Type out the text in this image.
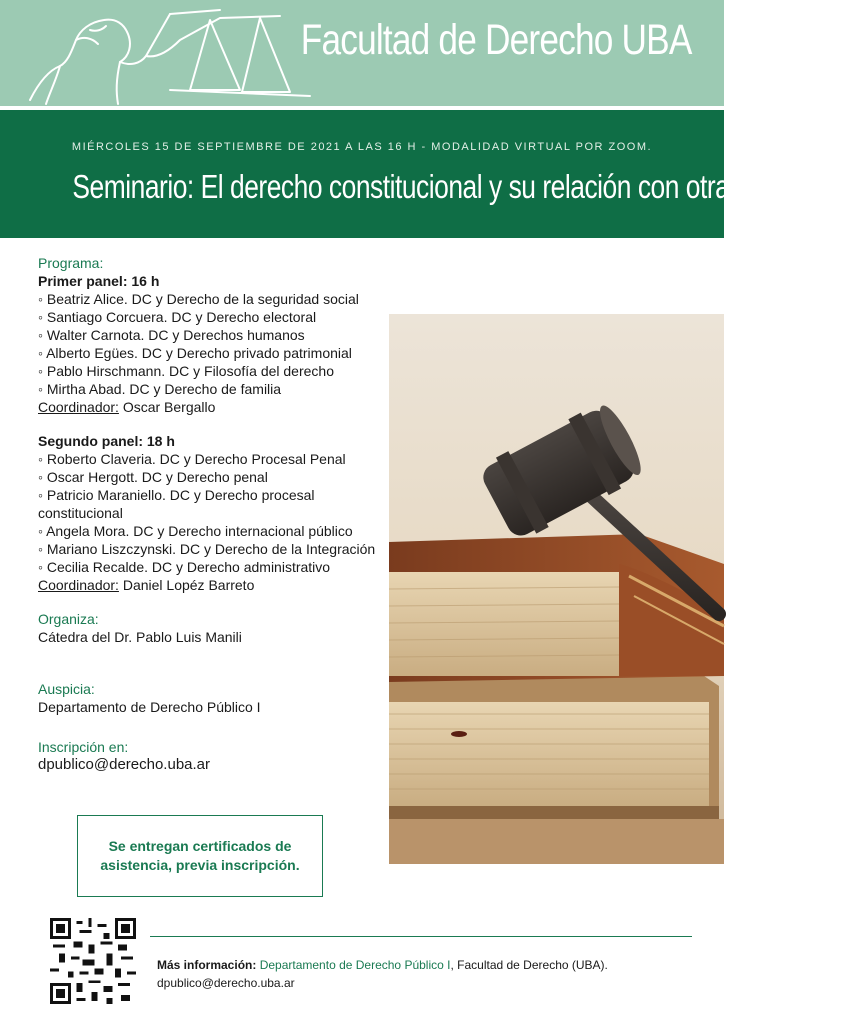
Facultad de Derecho UBA
MIÉRCOLES 15 DE SEPTIEMBRE DE 2021 A LAS 16 H - MODALIDAD VIRTUAL POR ZOOM.
Seminario: El derecho constitucional y su relación con otras materias
Programa:
Primer panel: 16 h
◦ Beatriz Alice. DC y Derecho de la seguridad social
◦ Santiago Corcuera. DC y Derecho electoral
◦ Walter Carnota. DC y Derechos humanos
◦ Alberto Egües. DC y Derecho privado patrimonial
◦ Pablo Hirschmann. DC y Filosofía del derecho
◦ Mirtha Abad. DC y Derecho de familia
Coordinador: Oscar Bergallo
Segundo panel: 18 h
◦ Roberto Claveria. DC y Derecho Procesal Penal
◦ Oscar Hergott. DC y Derecho penal
◦ Patricio Maraniello. DC y Derecho procesal constitucional
◦ Angela Mora. DC y Derecho internacional público
◦ Mariano Liszczynski. DC y Derecho de la Integración
◦ Cecilia Recalde. DC y Derecho administrativo
Coordinador: Daniel Lopéz Barreto
Organiza:
Cátedra del Dr. Pablo Luis Manili
Auspicia:
Departamento de Derecho Público I
Inscripción en:
dpublico@derecho.uba.ar
Se entregan certificados de asistencia, previa inscripción.
Más información: Departamento de Derecho Público I, Facultad de Derecho (UBA).
dpublico@derecho.uba.ar
